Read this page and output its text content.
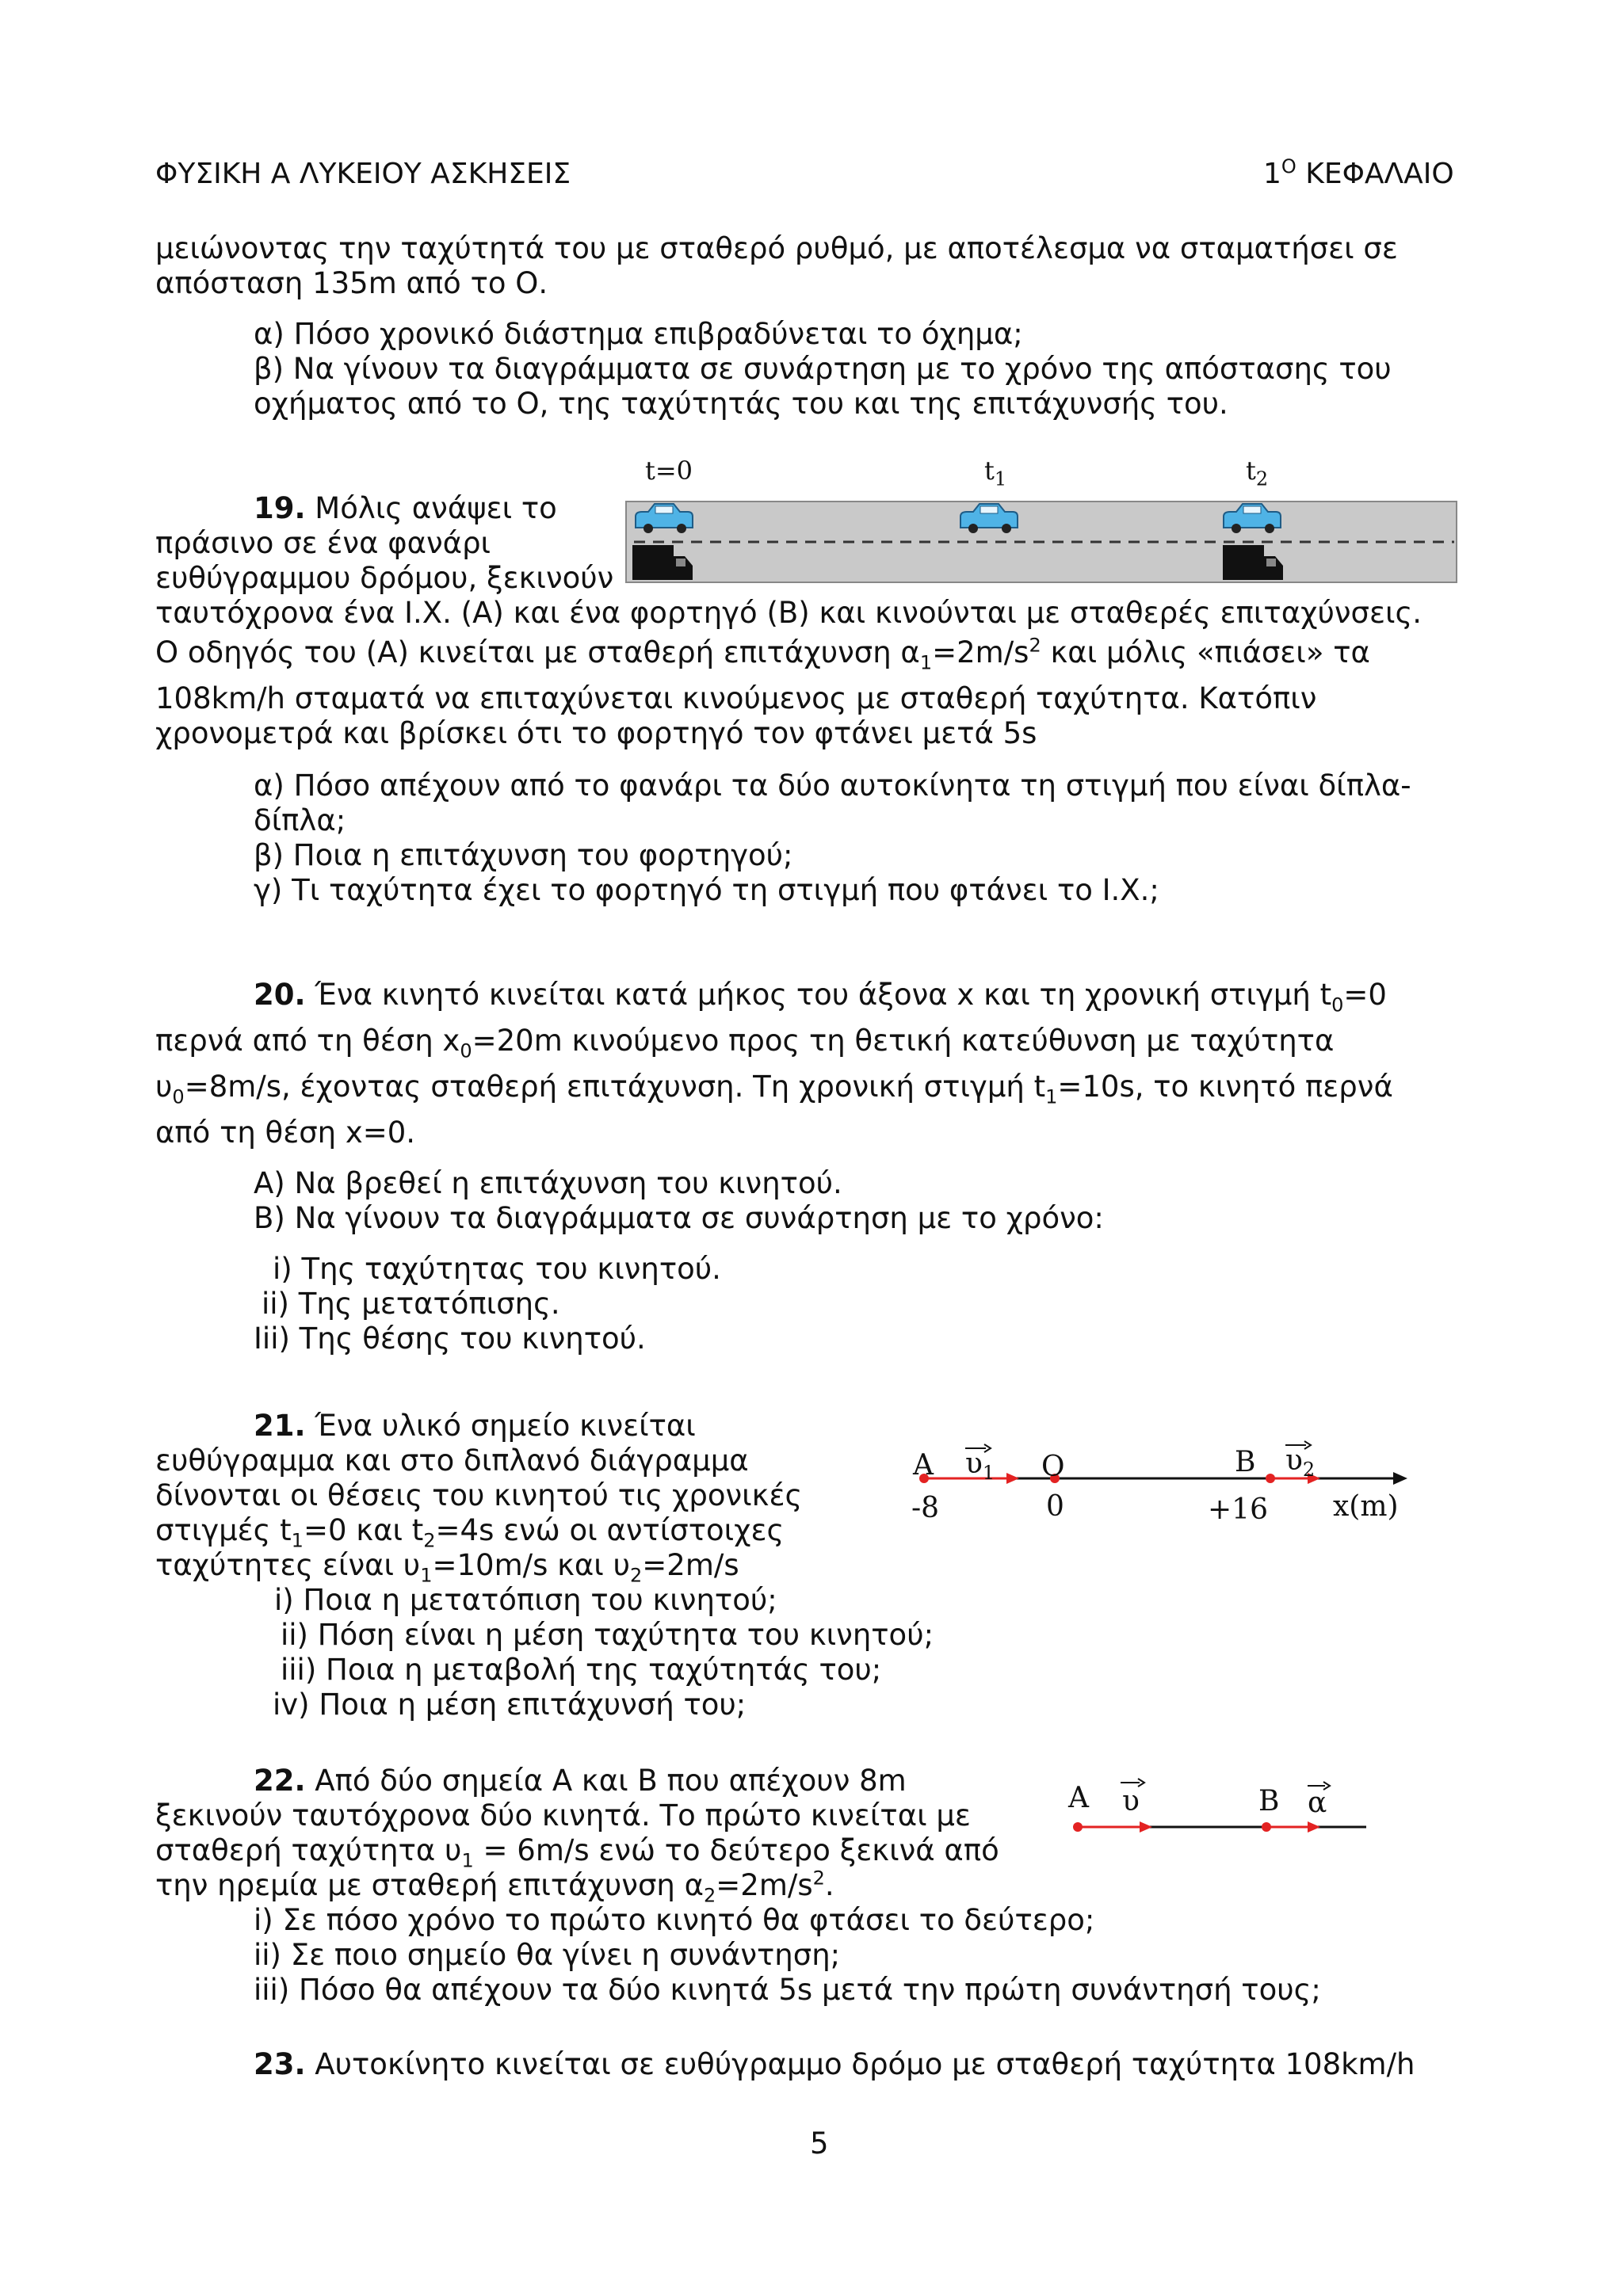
ΦΥΣΙΚΗ Α ΛΥΚΕΙΟΥ ΑΣΚΗΣΕΙΣ	$1^O$ ΚΕΦΑΛΑΙΟ
μειώνοντας την ταχύτητά του με σταθερό ρυθμό, με αποτέλεσμα να σταματήσει σε
απόσταση 135m από το Ο.
α) Πόσο χρονικό διάστημα επιβραδύνεται το όχημα;
β) Να γίνουν τα διαγράμματα σε συνάρτηση με το χρόνο της απόστασης του
οχήματος από το Ο, της ταχύτητάς του και της επιτάχυνσής του.
19. Μόλις ανάψει το
πράσινο σε ένα φανάρι
ευθύγραμμου δρόμου, ξεκινούν
t=0	$t_1$	$t_2$
ταυτόχρονα ένα Ι.Χ. (Α) και ένα φορτηγό (Β) και κινούνται με σταθερές επιταχύνσεις.
Ο οδηγός του (Α) κινείται με σταθερή επιτάχυνση $\alpha_1=2m/s^2$ και μόλις «πιάσει» τα
108km/h σταματά να επιταχύνεται κινούμενος με σταθερή ταχύτητα. Κατόπιν
χρονομετρά και βρίσκει ότι το φορτηγό τον φτάνει μετά 5s
α) Πόσο απέχουν από το φανάρι τα δύο αυτοκίνητα τη στιγμή που είναι δίπλα-
δίπλα;
β) Ποια η επιτάχυνση του φορτηγού;
γ) Τι ταχύτητα έχει το φορτηγό τη στιγμή που φτάνει το Ι.Χ.;
20. Ένα κινητό κινείται κατά μήκος του άξονα x και τη χρονική στιγμή $t_0=0$
περνά από τη θέση $x_0=20m$ κινούμενο προς τη θετική κατεύθυνση με ταχύτητα
$\upsilon_0=8m/s$, έχοντας σταθερή επιτάχυνση. Τη χρονική στιγμή $t_1=10s$, το κινητό περνά
από τη θέση x=0.
Α) Να βρεθεί η επιτάχυνση του κινητού.
Β) Να γίνουν τα διαγράμματα σε συνάρτηση με το χρόνο:
i) Της ταχύτητας του κινητού.
ii) Της μετατόπισης.
Iii) Της θέσης του κινητού.
21. Ένα υλικό σημείο κινείται
ευθύγραμμα και στο διπλανό διάγραμμα
δίνονται οι θέσεις του κινητού τις χρονικές
στιγμές $t_1=0$ και $t_2=4s$ ενώ οι αντίστοιχες
ταχύτητες είναι $\upsilon_1=10m/s$ και $\upsilon_2=2m/s$
i) Ποια η μετατόπιση του κινητού;
ii) Πόση είναι η μέση ταχύτητα του κινητού;
iii) Ποια η μεταβολή της ταχύτητάς του;
iv) Ποια η μέση επιτάχυνσή του;
A $\upsilon_1$ O	B $\upsilon_2$
-8	0	+16 x(m)
22. Από δύο σημεία Α και Β που απέχουν 8m
ξεκινούν ταυτόχρονα δύο κινητά. Το πρώτο κινείται με
σταθερή ταχύτητα $\upsilon_1 = 6m/s$ ενώ το δεύτερο ξεκινά από
την ηρεμία με σταθερή επιτάχυνση $\alpha_2=2m/s^2$.
i) Σε πόσο χρόνο το πρώτο κινητό θα φτάσει το δεύτερο;
ii) Σε ποιο σημείο θα γίνει η συνάντηση;
iii) Πόσο θα απέχουν τα δύο κινητά 5s μετά την πρώτη συνάντησή τους;
A υ	B α
23. Αυτοκίνητο κινείται σε ευθύγραμμο δρόμο με σταθερή ταχύτητα 108km/h
5
